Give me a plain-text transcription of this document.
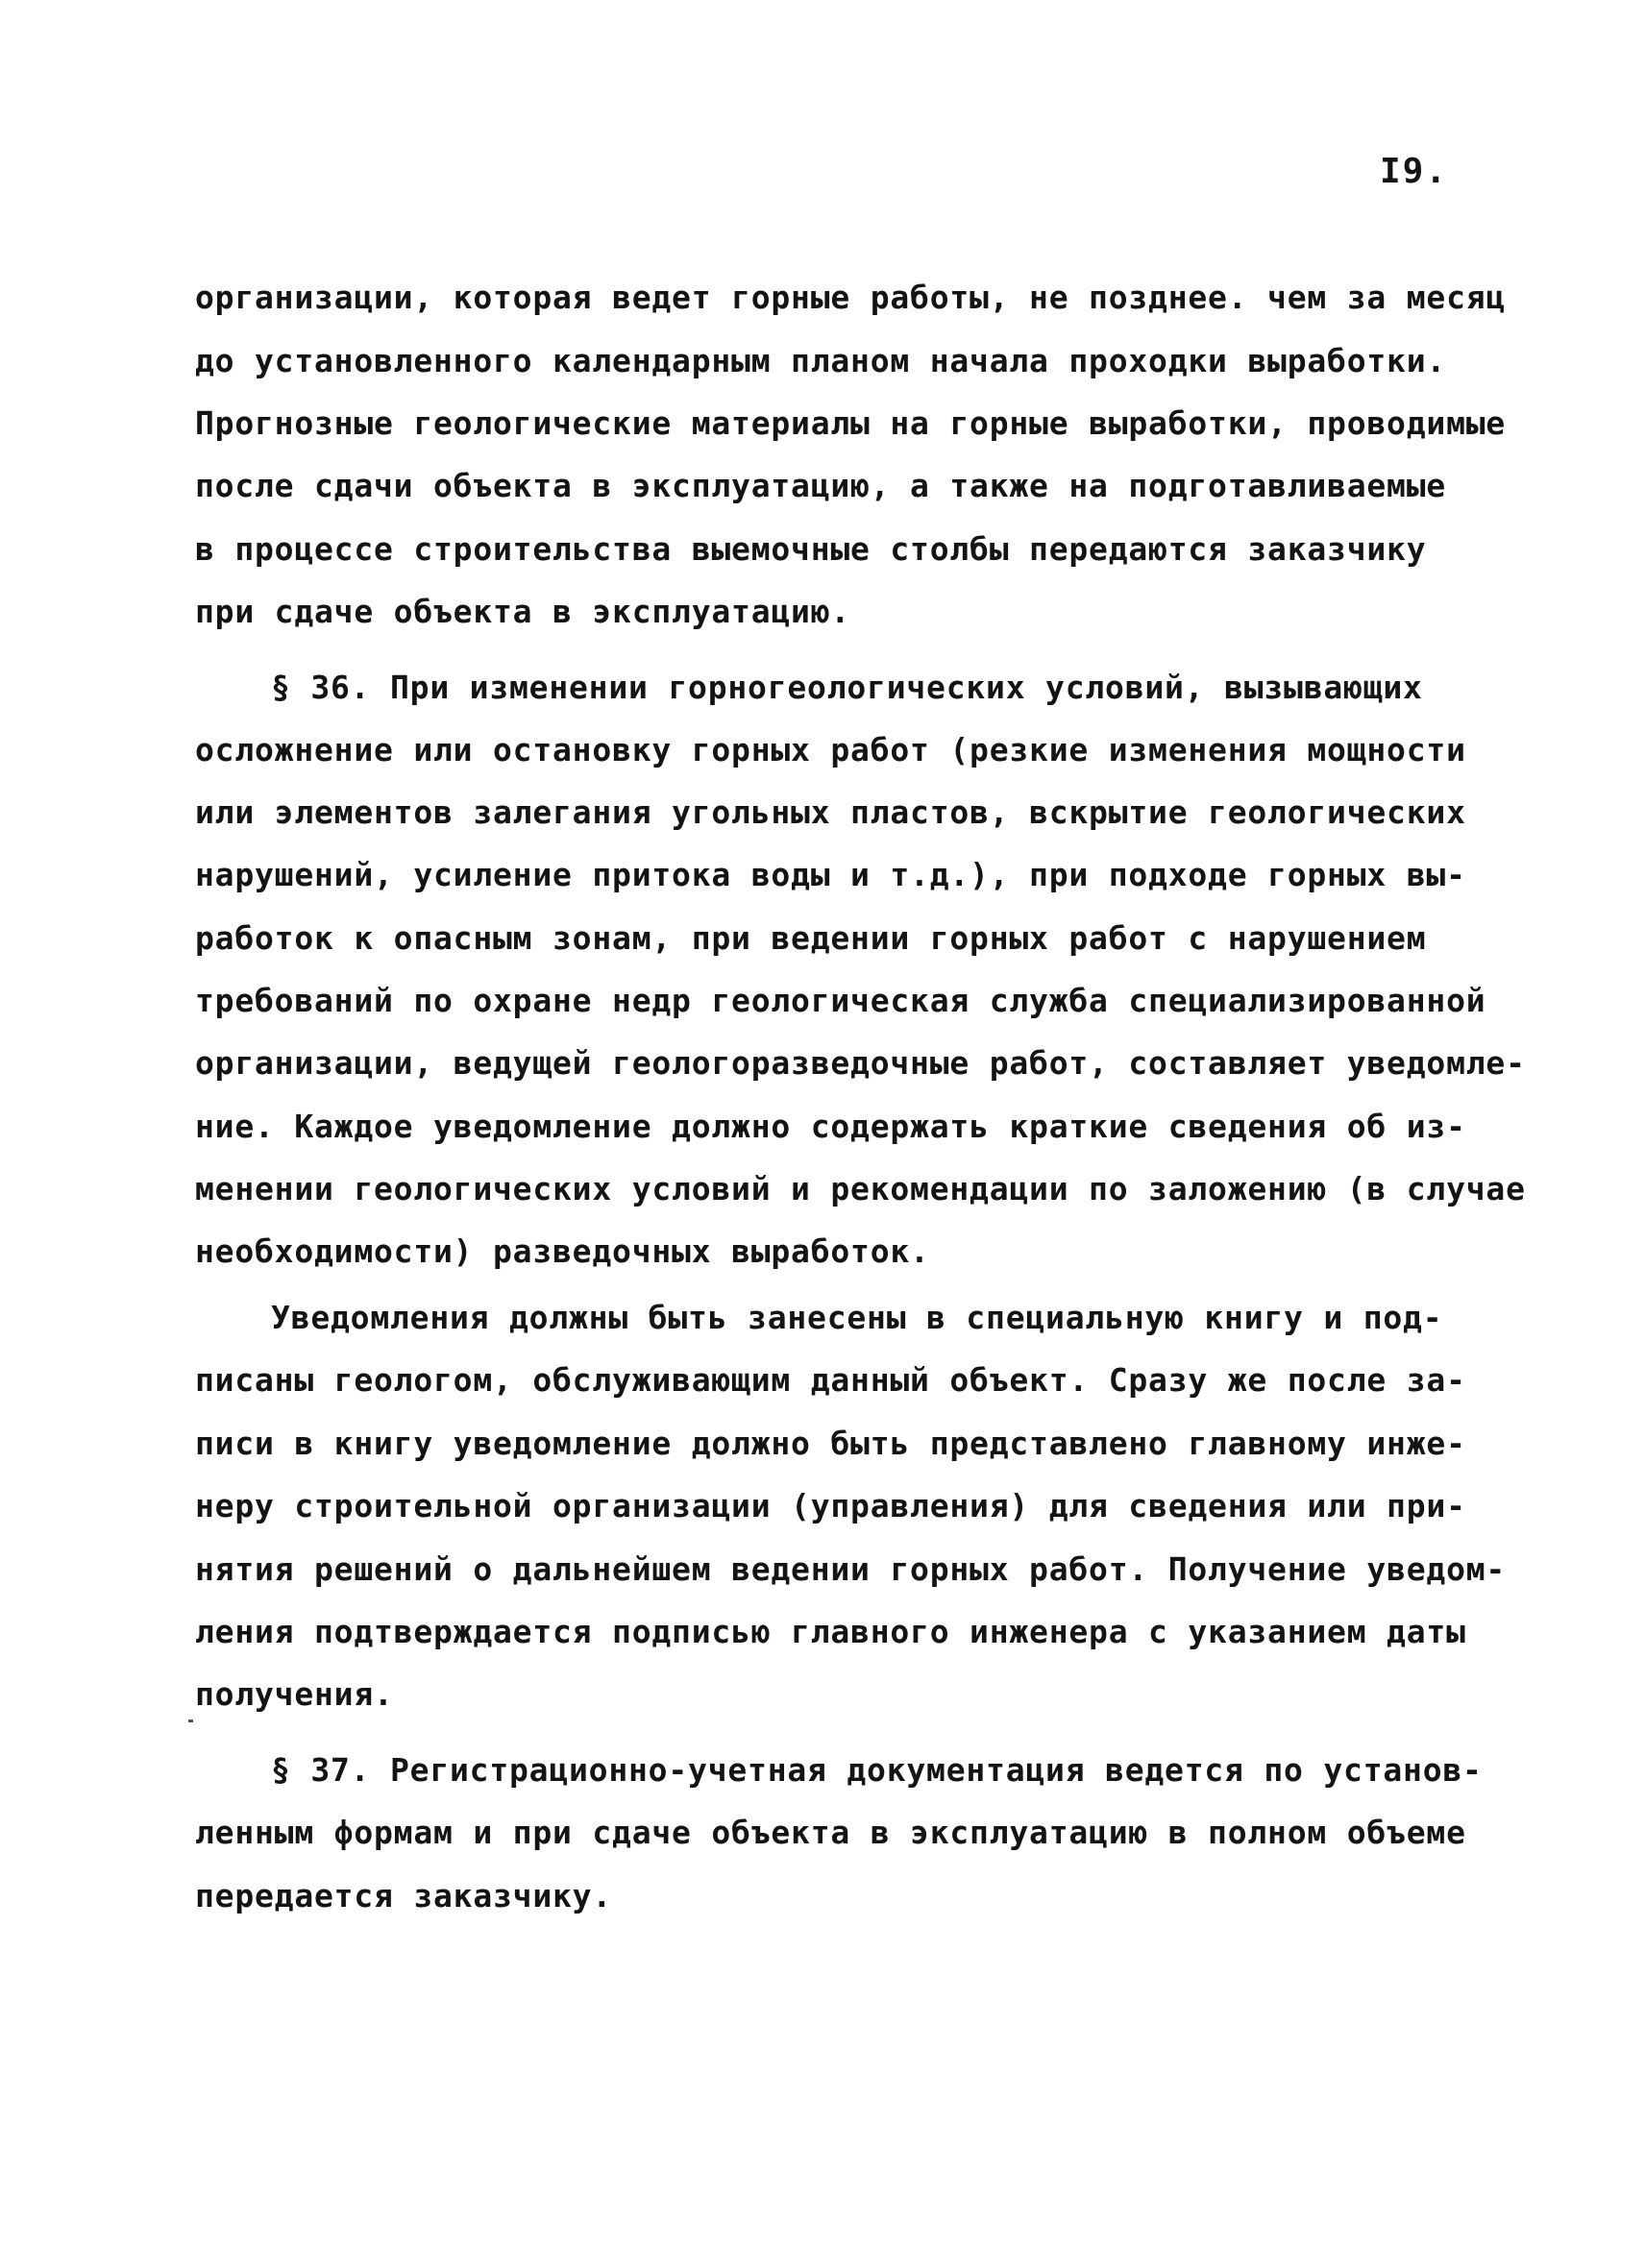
I9.
организации, которая ведет горные работы, не позднее. чем за месяц
до установленного календарным планом начала проходки выработки.
Прогнозные геологические материалы на горные выработки, проводимые
после сдачи объекта в эксплуатацию, а также на подготавливаемые
в процессе строительства выемочные столбы передаются заказчику
при сдаче объекта в эксплуатацию.
§ 36. При изменении горногеологических условий, вызывающих
осложнение или остановку горных работ (резкие изменения мощности
или элементов залегания угольных пластов, вскрытие геологических
нарушений, усиление притока воды и т.д.), при подходе горных вы-
работок к опасным зонам, при ведении горных работ с нарушением
требований по охране недр геологическая служба специализированной
организации, ведущей геологоразведочные работ, составляет уведомле-
ние. Каждое уведомление должно содержать краткие сведения об из-
менении геологических условий и рекомендации по заложению (в случае
необходимости) разведочных выработок.
Уведомления должны быть занесены в специальную книгу и под-
писаны геологом, обслуживающим данный объект. Сразу же после за-
писи в книгу уведомление должно быть представлено главному инже-
неру строительной организации (управления) для сведения или при-
нятия решений о дальнейшем ведении горных работ. Получение уведом-
ления подтверждается подписью главного инженера с указанием даты
получения.
§ 37. Регистрационно-учетная документация ведется по установ-
ленным формам и при сдаче объекта в эксплуатацию в полном объеме
передается заказчику.
